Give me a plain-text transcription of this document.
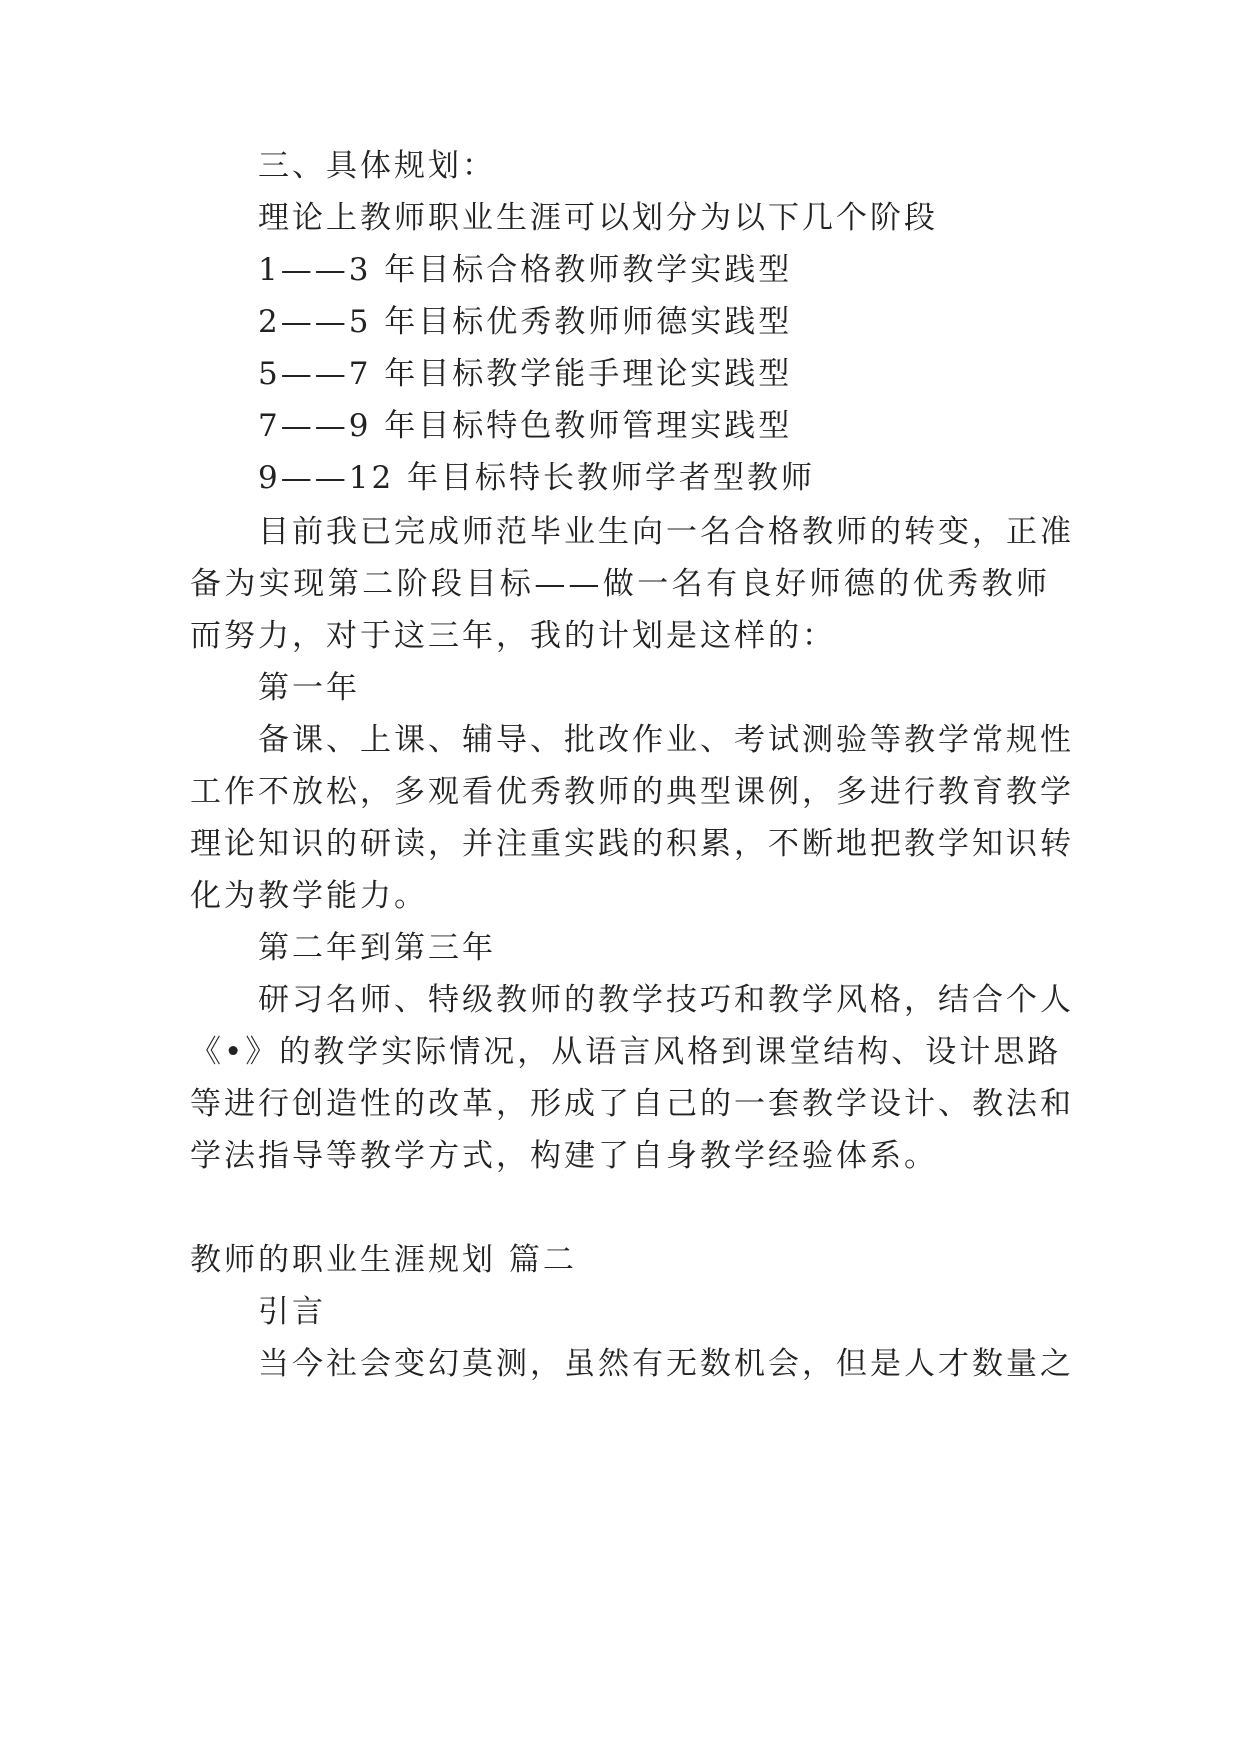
三、具体规划：
理论上教师职业生涯可以划分为以下几个阶段
1——3 年目标合格教师教学实践型
2——5 年目标优秀教师师德实践型
5——7 年目标教学能手理论实践型
7——9 年目标特色教师管理实践型
9——12 年目标特长教师学者型教师
目前我已完成师范毕业生向一名合格教师的转变，正准
备为实现第二阶段目标——做一名有良好师德的优秀教师
而努力，对于这三年，我的计划是这样的：
第一年
备课、上课、辅导、批改作业、考试测验等教学常规性
工作不放松，多观看优秀教师的典型课例，多进行教育教学
理论知识的研读，并注重实践的积累，不断地把教学知识转
化为教学能力。
第二年到第三年
研习名师、特级教师的教学技巧和教学风格，结合个人
《•》的教学实际情况，从语言风格到课堂结构、设计思路
等进行创造性的改革，形成了自己的一套教学设计、教法和
学法指导等教学方式，构建了自身教学经验体系。
教师的职业生涯规划 篇二
引言
当今社会变幻莫测，虽然有无数机会，但是人才数量之
